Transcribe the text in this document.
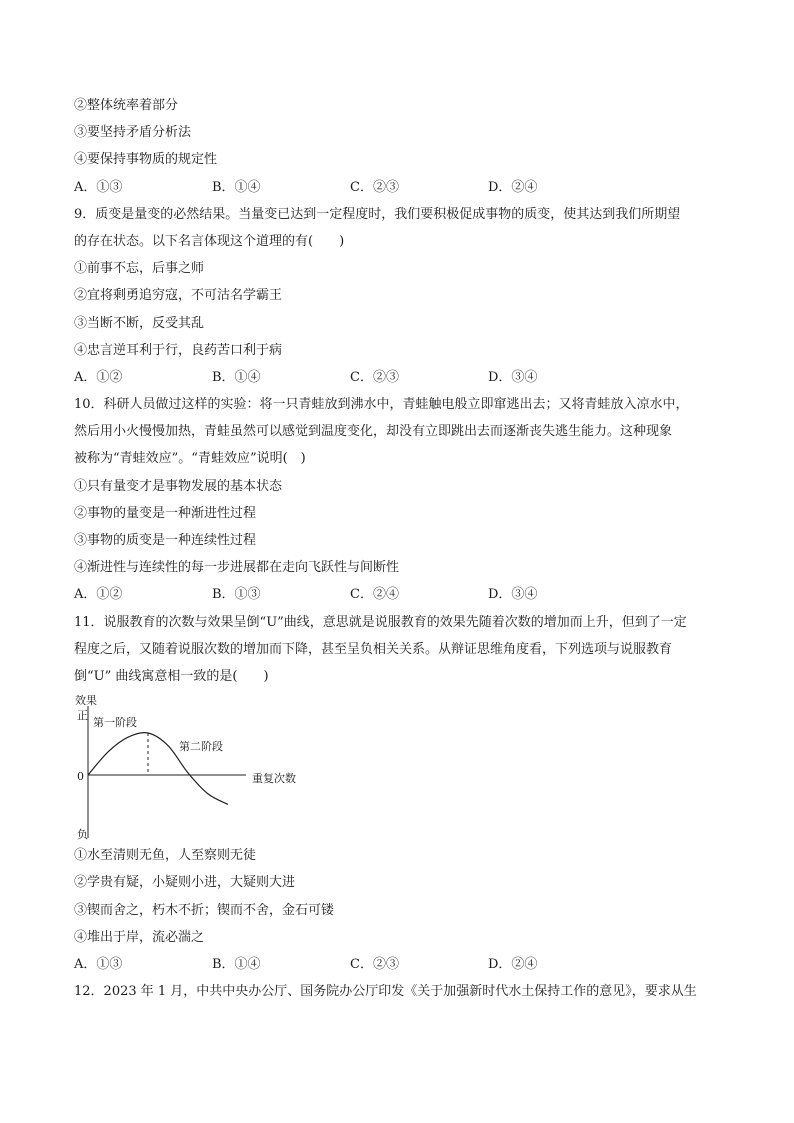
②整体统率着部分
③要坚持矛盾分析法
④要保持事物质的规定性
A．①③	B．①④	C．②③	D．②④
9．质变是量变的必然结果。当量变已达到一定程度时，我们要积极促成事物的质变，使其达到我们所期望
的存在状态。以下名言体现这个道理的有(　　)
①前事不忘，后事之师
②宜将剩勇追穷寇，不可沽名学霸王
③当断不断，反受其乱
④忠言逆耳利于行，良药苦口利于病
A．①②	B．①④	C．②③	D．③④
10．科研人员做过这样的实验：将一只青蛙放到沸水中，青蛙触电般立即窜逃出去；又将青蛙放入凉水中，
然后用小火慢慢加热，青蛙虽然可以感觉到温度变化，却没有立即跳出去而逐渐丧失逃生能力。这种现象
被称为“青蛙效应”。“青蛙效应”说明(　)
①只有量变才是事物发展的基本状态
②事物的量变是一种渐进性过程
③事物的质变是一种连续性过程
④渐进性与连续性的每一步进展都在走向飞跃性与间断性
A．①②	B．①③	C．②④	D．③④
11．说服教育的次数与效果呈倒“U”曲线，意思就是说服教育的效果先随着次数的增加而上升，但到了一定
程度之后，又随着说服次数的增加而下降，甚至呈负相关关系。从辩证思维角度看，下列选项与说服教育
倒“U” 曲线寓意相一致的是(　　)
效果
正
0
负
第一阶段
第二阶段
重复次数
①水至清则无鱼，人至察则无徒
②学贵有疑，小疑则小进，大疑则大进
③锲而舍之，朽木不折；锲而不舍，金石可镂
④堆出于岸，流必湍之
A．①③	B．①④	C．②③	D．②④
12．2023 年 1 月，中共中央办公厅、国务院办公厅印发《关于加强新时代水土保持工作的意见》，要求从生
